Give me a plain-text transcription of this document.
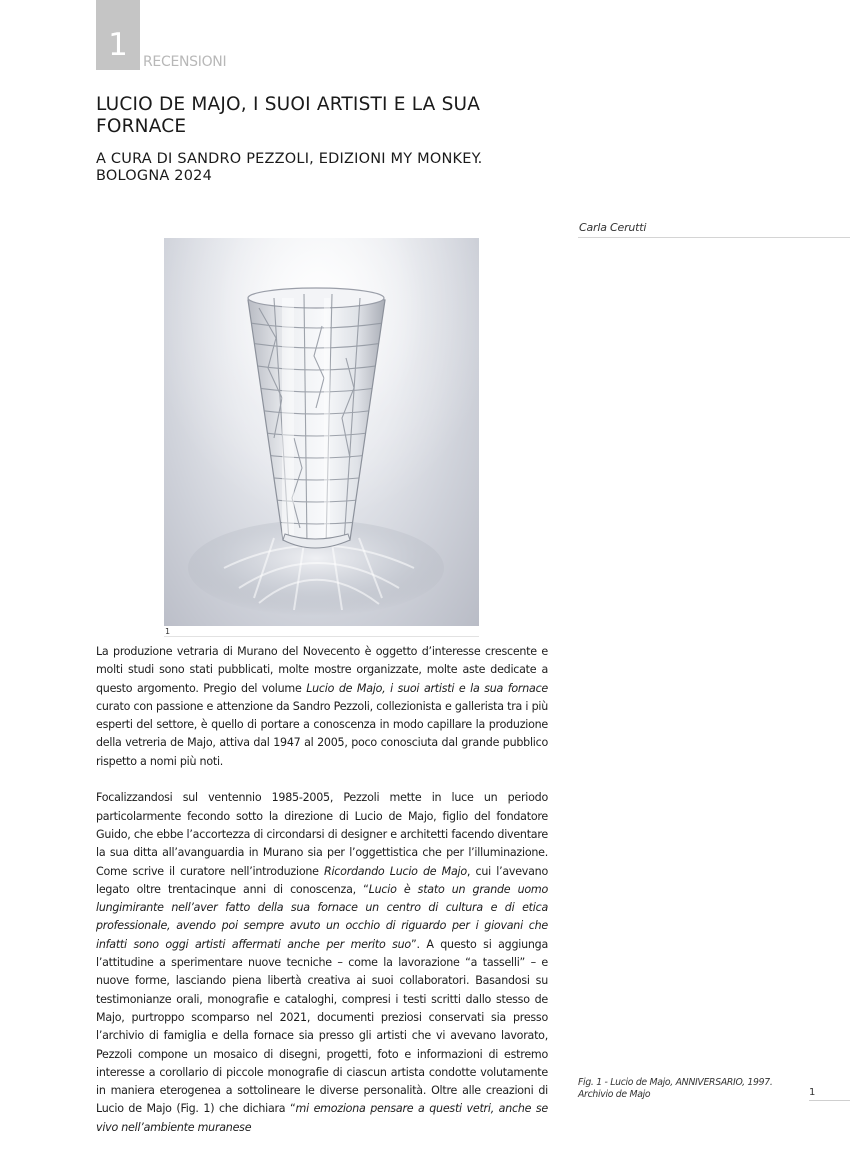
1	RECENSIONI
LUCIO DE MAJO, I SUOI ARTISTI E LA SUA FORNACE
A CURA DI SANDRO PEZZOLI, EDIZIONI MY MONKEY.
BOLOGNA 2024
Carla Cerutti
1

La produzione vetraria di Murano del Novecento è oggetto d’interesse crescente e molti studi sono stati pubblicati, molte mostre organizzate, molte aste dedicate a questo argomento. Pregio del volume Lucio de Majo, i suoi artisti e la sua fornace curato con passione e attenzione da Sandro Pezzoli, collezionista e gallerista tra i più esperti del settore, è quello di portare a conoscenza in modo capillare la produzione della vetreria de Majo, attiva dal 1947 al 2005, poco conosciuta dal grande pubblico rispetto a nomi più noti.

Focalizzandosi sul ventennio 1985-2005, Pezzoli mette in luce un periodo particolarmente fecondo sotto la direzione di Lucio de Majo, figlio del fondatore Guido, che ebbe l’accortezza di circondarsi di designer e architetti facendo diventare la sua ditta all’avanguardia in Murano sia per l’oggettistica che per l’illuminazione. Come scrive il curatore nell’introduzione Ricordando Lucio de Majo, cui l’avevano legato oltre trentacinque anni di conoscenza, “Lucio è stato un grande uomo lungimirante nell’aver fatto della sua fornace un centro di cultura e di etica professionale, avendo poi sempre avuto un occhio di riguardo per i giovani che infatti sono oggi artisti affermati anche per merito suo”. A questo si aggiunga l’attitudine a sperimentare nuove tecniche – come la lavorazione “a tasselli” – e nuove forme, lasciando piena libertà creativa ai suoi collaboratori. Basandosi su testimonianze orali, monografie e cataloghi, compresi i testi scritti dallo stesso de Majo, purtroppo scomparso nel 2021, documenti preziosi conservati sia presso l’archivio di famiglia e della fornace sia presso gli artisti che vi avevano lavorato, Pezzoli compone un mosaico di disegni, progetti, foto e informazioni di estremo interesse a corollario di piccole monografie di ciascun artista condotte volutamente in maniera eterogenea a sottolineare le diverse personalità. Oltre alle creazioni di Lucio de Majo (Fig. 1) che dichiara “mi emoziona pensare a questi vetri, anche se vivo nell’ambiente muranese

Fig. 1 - Lucio de Majo, ANNIVERSARIO, 1997.
Archivio de Majo	1
